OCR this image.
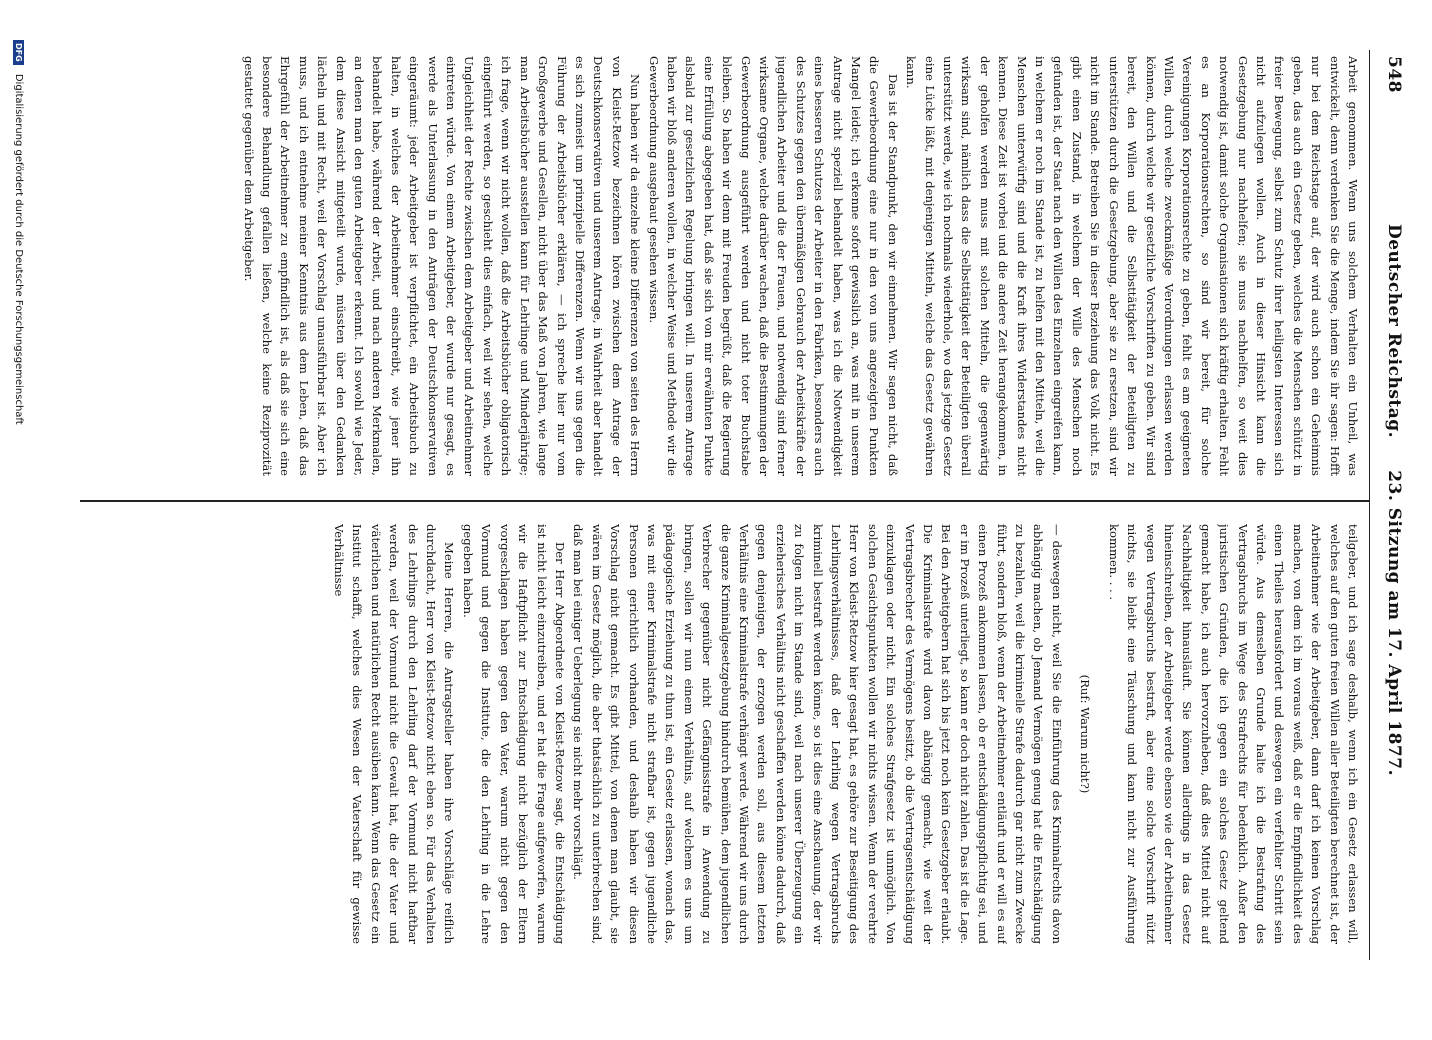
548
Deutscher Reichstag.     23. Sitzung am 17. April 1877.

Arbeit genommen. Wenn uns solchem Verhalten ein Unheil, was entwickelt, denn verdenken Sie die Menge, indem Sie ihr sagen: Hofft nur bei dem Reichstage auf, der wird auch schon ein Geheimnis geben, das auch ein Gesetz geben, welches die Menschen schützt in freier Bewegung, selbst zum Schutz ihrer heiligsten Interessen sich nicht aufzulegen wollen. Auch in dieser Hinsicht kann die Gesetzgebung nur nachhelfen; sie muss nachhelfen, so weit dies notwendig ist, damit solche Organisationen sich kräftig erhalten. Fehlt es an Korporationsrechten, so sind wir bereit, für solche Vereinigungen Korporationsrechte zu geben, fehlt es am geeigneten Willen, durch welche zweckmäßige Verordnungen erlassen werden können, durch welche wir gesetzliche Vorschriften zu geben. Wir sind bereit, den Willen und die Selbsttätigkeit der Beteiligten zu unterstützen durch die Gesetzgebung, aber sie zu ersetzen, sind wir nicht im Stande. Betreiben Sie in dieser Beziehung das Volk nicht. Es gibt einen Zustand, in welchem der Wille des Menschen noch gefunden ist, der Staat nach den Willen des Einzelnen eingreifen kann, in welchem er noch im Stande ist, zu helfen mit den Mitteln, weil die Menschen unterwürfig sind und die Kraft ihres Widerstandes nicht kennen. Diese Zeit ist vorbei und die andere Zeit herangekommen, in der geholfen werden muss mit solchen Mitteln, die gegenwärtig wirksam sind, nämlich dass die Selbsttätigkeit der Beteiligten überall unterstützt werde, wie ich nochmals wiederhole, wo das jetzige Gesetz eine Lücke läßt, mit denjenigen Mitteln, welche das Gesetz gewähren kann.

Das ist der Standpunkt, den wir einnehmen. Wir sagen nicht, daß die Gewerbeordnung eine nur in den von uns angezeigten Punkten Mangel leidet; ich erkenne sofort gewisslich an, was mit in unserem Antrage nicht speziell behandelt haben, was ich die Notwendigkeit eines besseren Schutzes der Arbeiter in den Fabriken, besonders auch des Schutzes gegen den übermäßigen Gebrauch der Arbeitskräfte der jugendlichen Arbeiter und die der Frauen, und notwendig sind ferner wirksame Organe, welche darüber wachen, daß die Bestimmungen der Gewerbeordnung ausgeführt werden und nicht toter Buchstabe bleiben. So haben wir denn mit Freuden begrüßt, daß die Regierung eine Erfüllung abgegeben hat, daß sie sich von mir erwähnten Punkte alsbald zur gesetzlichen Regelung bringen will. In unserem Antrage haben wir bloß anderen wollen, in welcher Weise und Methode wir die Gewerbeordnung ausgebaut gesehen wissen.

Nun haben wir da einzelne kleine Differenzen von seiten des Herrn von Kleist-Retzow bezeichnen hören zwischen dem Antrage der Deutschkonservativen und unserem Antrage, in Wahrheit aber handelt es sich zumeist um prinzipielle Differenzen. Wenn wir uns gegen die Führung der Arbeitsbücher erklären, — ich spreche hier nur vom Großgewerbe und Gesellen, nicht über das Maß von Jahren, wie lange man Arbeitsbücher ausstellen kann für Lehrlinge und Minderjährige; ich frage, wenn wir nicht wollen, daß die Arbeitsbücher obligatorisch eingeführt werden, so geschieht dies einfach, weil wir sehen, welche Ungleichheit der Rechte zwischen dem Arbeitgeber und Arbeitnehmer eintreten würde. Von einem Arbeitgeber, der wurde nur gesagt, es werde als Unterlassung in den Anträgen der Deutschkonservativen eingeräumt: jeder Arbeitgeber ist verpflichtet, ein Arbeitsbuch zu halten, in welches der Arbeitnehmer einschreibt, wie jener ihn behandelt habe, während der Arbeit, und nach anderen Merkmalen, an denen man den guten Arbeitgeber erkennt. Ich sowohl wie Jeder, dem diese Ansicht mitgeteilt wurde, müssten über den Gedanken lächeln und mit Recht, weil der Vorschlag unausführbar ist. Aber ich muss, und ich entnehme meiner Kenntnis aus dem Leben, daß das Ehrgefühl der Arbeitnehmer zu empfindlich ist, als daß sie sich eine besondere Behandlung gefallen ließen, welche keine Reziprozität gestattet gegenüber dem Arbeitgeber.

teilgeber, und ich sage deshalb, wenn ich ein Gesetz erlassen will, welches auf den guten freien Willen aller Beteiligten berechnet ist, der Arbeitnehmer wie der Arbeitgeber, dann darf ich keinen Vorschlag machen, von dem ich im voraus weiß, daß er die Empfindlichkeit des einen Theiles herausfordert und deswegen ein verfehlter Schritt sein würde. Aus demselben Grunde halte ich die Bestrafung des Vertragsbruchs im Wege des Strafrechts für bedenklich. Außer den juristischen Gründen, die ich gegen ein solches Gesetz geltend gemacht habe, ich auch hervorzuheben, daß dies Mittel nicht auf Nachhaltigkeit hinausläuft. Sie können allerdings in das Gesetz hineinschreiben, der Arbeitgeber werde ebenso wie der Arbeitnehmer wegen Vertragsbruchs bestraft, aber eine solche Vorschrift nützt nichts, sie bleibt eine Täuschung und kann nicht zur Ausführung kommen. . . .

(Ruf: Warum nicht?)

— deswegen nicht, weil Sie die Einführung des Kriminalrechts davon abhängig machen, ob Jemand Vermögen genug hat die Entschädigung zu bezahlen, weil die kriminelle Strafe dadurch gar nicht zum Zwecke führt, sondern bloß, wenn der Arbeitnehmer entläuft und er will es auf einen Prozeß ankommen lassen, ob er entschädigungspflichtig sei, und er im Prozeß unterliegt, so kann er doch nicht zahlen. Das ist die Lage. Bei den Arbeitgebern hat sich bis jetzt noch kein Gesetzgeber erlaubt. Die Kriminalstrafe wird davon abhängig gemacht, wie weit der Vertragsbrecher des Vermögens besitzt, ob die Vertragsentschädigung einzuklagen oder nicht. Ein solches Strafgesetz ist unmöglich. Von solchen Gesichtspunkten wollen wir nichts wissen. Wenn der verehrte Herr von Kleist-Retzow hier gesagt hat, es gehöre zur Beseitigung des Lehrlingsverhältnisses, daß der Lehrling wegen Vertragsbruchs kriminell bestraft werden könne, so ist dies eine Anschauung, der wir zu folgen nicht im Stande sind, weil nach unserer Überzeugung ein erzieherisches Verhältnis nicht geschaffen werden könne dadurch, daß gegen denjenigen, der erzogen werden soll, aus diesem letzten Verhältnis eine Kriminalstrafe verhängt werde. Während wir uns durch die ganze Kriminalgesetzgebung hindurch bemühen, dem jugendlichen Verbrecher gegenüber nicht Gefängnisstrafe in Anwendung zu bringen, sollen wir nun einem Verhältnis, auf welchem es uns um pädagogische Erziehung zu thun ist, ein Gesetz erlassen, wonach das, was mit einer Kriminalstrafe nicht strafbar ist, gegen jugendliche Personen gerichtlich vorhanden, und deshalb haben wir diesen Vorschlag nicht gemacht. Es gibt Mittel, von denen man glaubt, sie wären im Gesetz möglich, die aber thatsächlich zu unterbrechen sind, daß man bei einiger Ueberlegung sie nicht mehr vorschlägt.

Der Herr Abgeordnete von Kleist-Retzow sagt, die Entschädigung ist nicht leicht einzutreiben, und er hat die Frage aufgeworfen, warum wir die Haftpflicht zur Entschädigung nicht bezüglich der Eltern vorgeschlagen haben gegen den Vater, warum nicht gegen den Vormund und gegen die Institute, die den Lehrling in die Lehre gegeben haben.

Meine Herren, die Antragsteller haben ihre Vorschläge reiflich durchdacht, Herr von Kleist-Retzow nicht eben so. Für das Verhalten des Lehrlings durch den Lehrling darf der Vormund nicht haftbar werden, weil der Vormund nicht die Gewalt hat, die der Vater und väterlichen und natürlichen Recht ausüben kann. Wenn das Gesetz ein Institut schafft, welches dies Wesen der Vaterschaft für gewisse Verhältnisse

DFG Digitalisierung gefördert durch die Deutsche Forschungsgemeinschaft
